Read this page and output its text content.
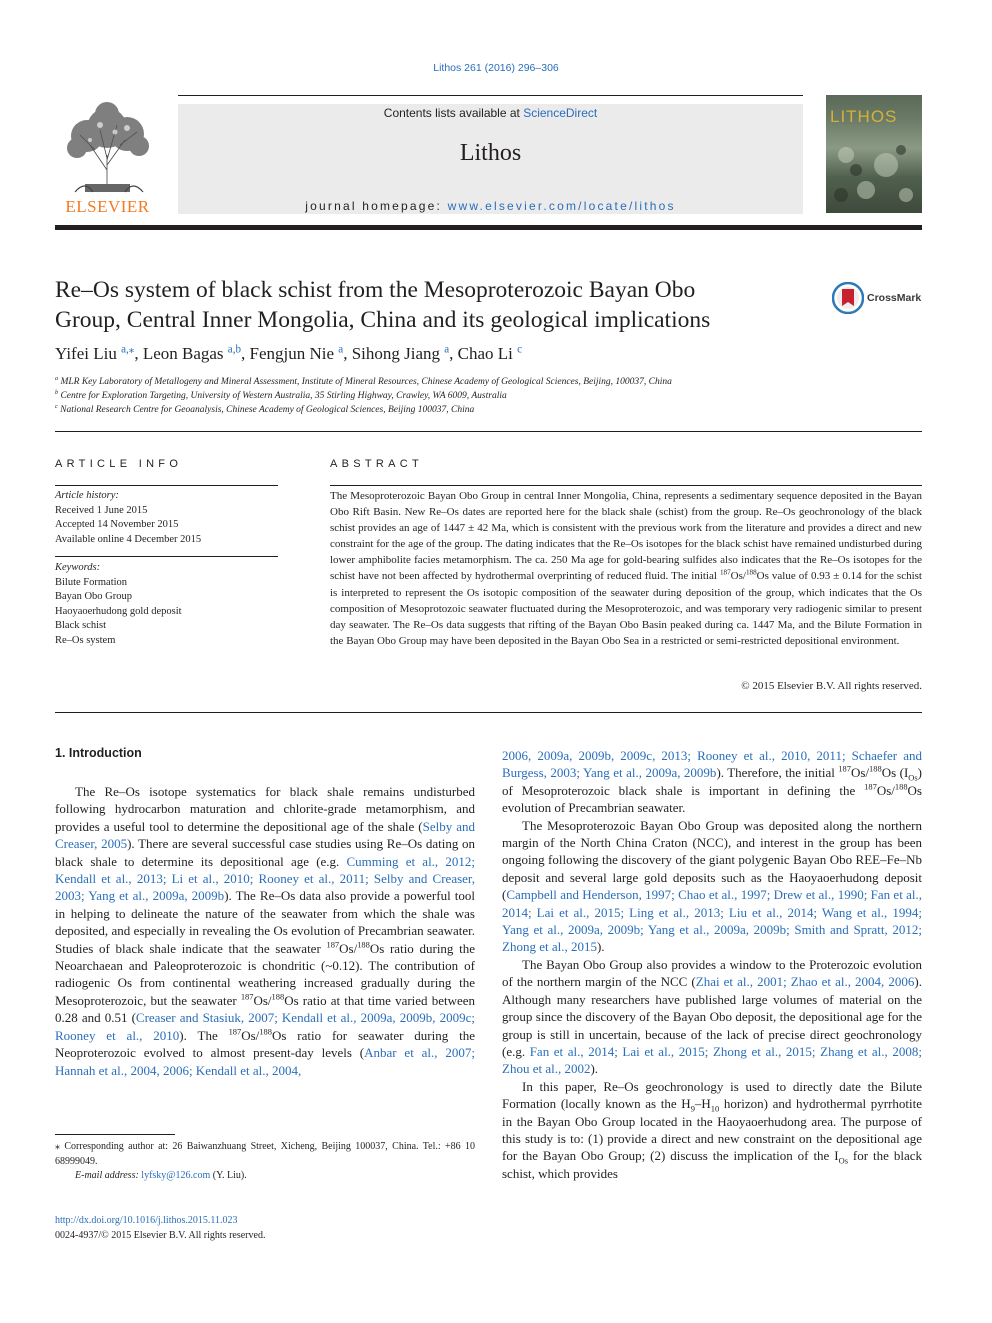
Lithos 261 (2016) 296–306
ELSEVIER
Contents lists available at ScienceDirect
Lithos
journal homepage: www.elsevier.com/locate/lithos
LITHOS
Re–Os system of black schist from the Mesoproterozoic Bayan Obo
Group, Central Inner Mongolia, China and its geological implications
CrossMark
Yifei Liu $^{a,⁎}$, Leon Bagas $^{a,b}$, Fengjun Nie $^a$, Sihong Jiang $^a$, Chao Li $^c$
$^a$ MLR Key Laboratory of Metallogeny and Mineral Assessment, Institute of Mineral Resources, Chinese Academy of Geological Sciences, Beijing, 100037, China
$^b$ Centre for Exploration Targeting, University of Western Australia, 35 Stirling Highway, Crawley, WA 6009, Australia
$^c$ National Research Centre for Geoanalysis, Chinese Academy of Geological Sciences, Beijing 100037, China
ARTICLE INFO
Article history:
Received 1 June 2015
Accepted 14 November 2015
Available online 4 December 2015
Keywords:
Bilute Formation
Bayan Obo Group
Haoyaoerhudong gold deposit
Black schist
Re–Os system
ABSTRACT
The Mesoproterozoic Bayan Obo Group in central Inner Mongolia, China, represents a sedimentary sequence deposited in the Bayan Obo Rift Basin. New Re–Os dates are reported here for the black shale (schist) from the group. Re–Os geochronology of the black schist provides an age of 1447 ± 42 Ma, which is consistent with the previous work from the literature and provides a direct and new constraint for the age of the group. The dating indicates that the Re–Os isotopes for the black schist have remained undisturbed during lower amphibolite facies metamorphism. The ca. 250 Ma age for gold-bearing sulfides also indicates that the Re–Os isotopes for the schist have not been affected by hydrothermal overprinting of reduced fluid. The initial $^{187}$Os/$^{188}$Os value of 0.93 ± 0.14 for the schist is interpreted to represent the Os isotopic composition of the seawater during deposition of the group, which indicates that the Os composition of Mesoprotozoic seawater fluctuated during the Mesoproterozoic, and was temporary very radiogenic similar to present day seawater. The Re–Os data suggests that rifting of the Bayan Obo Basin peaked during ca. 1447 Ma, and the Bilute Formation in the Bayan Obo Group may have been deposited in the Bayan Obo Sea in a restricted or semi-restricted depositional environment.
© 2015 Elsevier B.V. All rights reserved.
1. Introduction

The Re–Os isotope systematics for black shale remains undisturbed following hydrocarbon maturation and chlorite-grade metamorphism, and provides a useful tool to determine the depositional age of the shale (Selby and Creaser, 2005). There are several successful case studies using Re–Os dating on black shale to determine its depositional age (e.g. Cumming et al., 2012; Kendall et al., 2013; Li et al., 2010; Rooney et al., 2011; Selby and Creaser, 2003; Yang et al., 2009a, 2009b). The Re–Os data also provide a powerful tool in helping to delineate the nature of the seawater from which the shale was deposited, and especially in revealing the Os evolution of Precambrian seawater. Studies of black shale indicate that the seawater $^{187}$Os/$^{188}$Os ratio during the Neoarchaean and Paleoproterozoic is chondritic (~0.12). The contribution of radiogenic Os from continental weathering increased gradually during the Mesoproterozoic, but the seawater $^{187}$Os/$^{188}$Os ratio at that time varied between 0.28 and 0.51 (Creaser and Stasiuk, 2007; Kendall et al., 2009a, 2009b, 2009c; Rooney et al., 2010). The $^{187}$Os/$^{188}$Os ratio for seawater during the Neoproterozoic evolved to almost present-day levels (Anbar et al., 2007; Hannah et al., 2004, 2006; Kendall et al., 2004,

2006, 2009a, 2009b, 2009c, 2013; Rooney et al., 2010, 2011; Schaefer and Burgess, 2003; Yang et al., 2009a, 2009b). Therefore, the initial $^{187}$Os/$^{188}$Os $(I_{Os})$ of Mesoproterozoic black shale is important in defining the $^{187}$Os/$^{188}$Os evolution of Precambrian seawater.

The Mesoproterozoic Bayan Obo Group was deposited along the northern margin of the North China Craton (NCC), and interest in the group has been ongoing following the discovery of the giant polygenic Bayan Obo REE–Fe–Nb deposit and several large gold deposits such as the Haoyaoerhudong deposit (Campbell and Henderson, 1997; Chao et al., 1997; Drew et al., 1990; Fan et al., 2014; Lai et al., 2015; Ling et al., 2013; Liu et al., 2014; Wang et al., 1994; Yang et al., 2009a, 2009b; Yang et al., 2009a, 2009b; Smith and Spratt, 2012; Zhong et al., 2015).

The Bayan Obo Group also provides a window to the Proterozoic evolution of the northern margin of the NCC (Zhai et al., 2001; Zhao et al., 2004, 2006). Although many researchers have published large volumes of material on the group since the discovery of the Bayan Obo deposit, the depositional age for the group is still in uncertain, because of the lack of precise direct geochronology (e.g. Fan et al., 2014; Lai et al., 2015; Zhong et al., 2015; Zhang et al., 2008; Zhou et al., 2002).

In this paper, Re–Os geochronology is used to directly date the Bilute Formation (locally known as the $H_9-H_{10}$ horizon) and hydrothermal pyrrhotite in the Bayan Obo Group located in the Haoyaoerhudong area. The purpose of this study is to: (1) provide a direct and new constraint on the depositional age for the Bayan Obo Group; (2) discuss the implication of the $I_{Os}$ for the black schist, which provides

⁎ Corresponding author at: 26 Baiwanzhuang Street, Xicheng, Beijing 100037, China. Tel.: +86 10 68999049.
E-mail address: lyfsky@126.com (Y. Liu).
http://dx.doi.org/10.1016/j.lithos.2015.11.023
0024-4937/© 2015 Elsevier B.V. All rights reserved.
